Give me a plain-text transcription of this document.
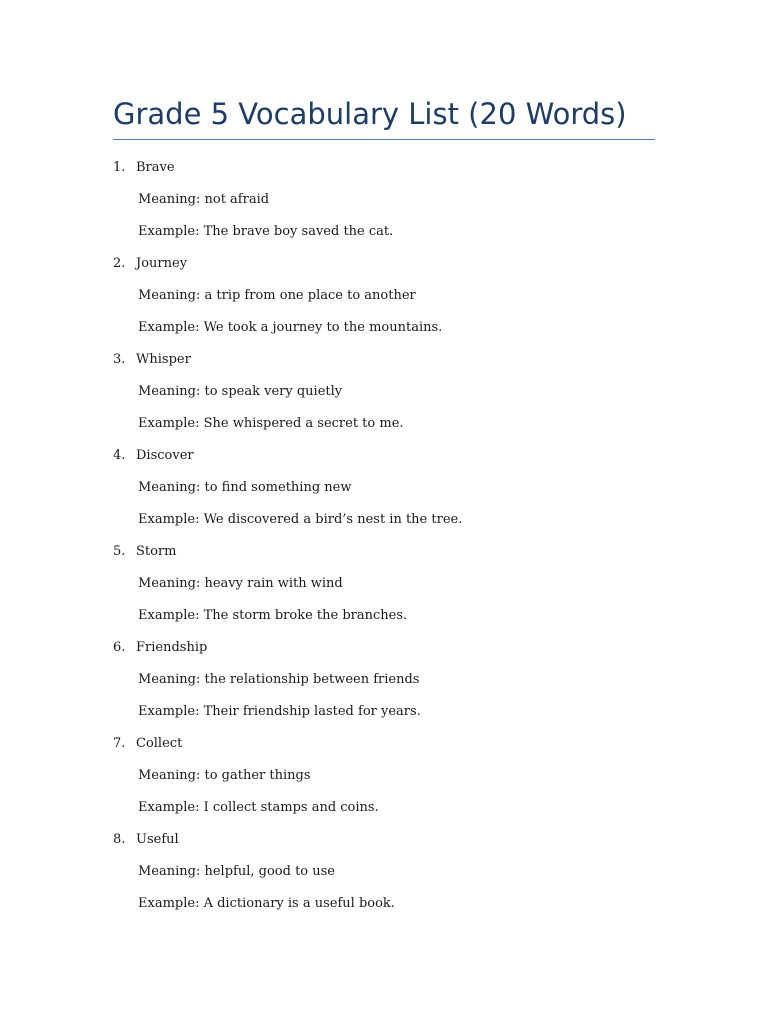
Grade 5 Vocabulary List (20 Words)
1. Brave
Meaning: not afraid
Example: The brave boy saved the cat.
2. Journey
Meaning: a trip from one place to another
Example: We took a journey to the mountains.
3. Whisper
Meaning: to speak very quietly
Example: She whispered a secret to me.
4. Discover
Meaning: to find something new
Example: We discovered a bird’s nest in the tree.
5. Storm
Meaning: heavy rain with wind
Example: The storm broke the branches.
6. Friendship
Meaning: the relationship between friends
Example: Their friendship lasted for years.
7. Collect
Meaning: to gather things
Example: I collect stamps and coins.
8. Useful
Meaning: helpful, good to use
Example: A dictionary is a useful book.
